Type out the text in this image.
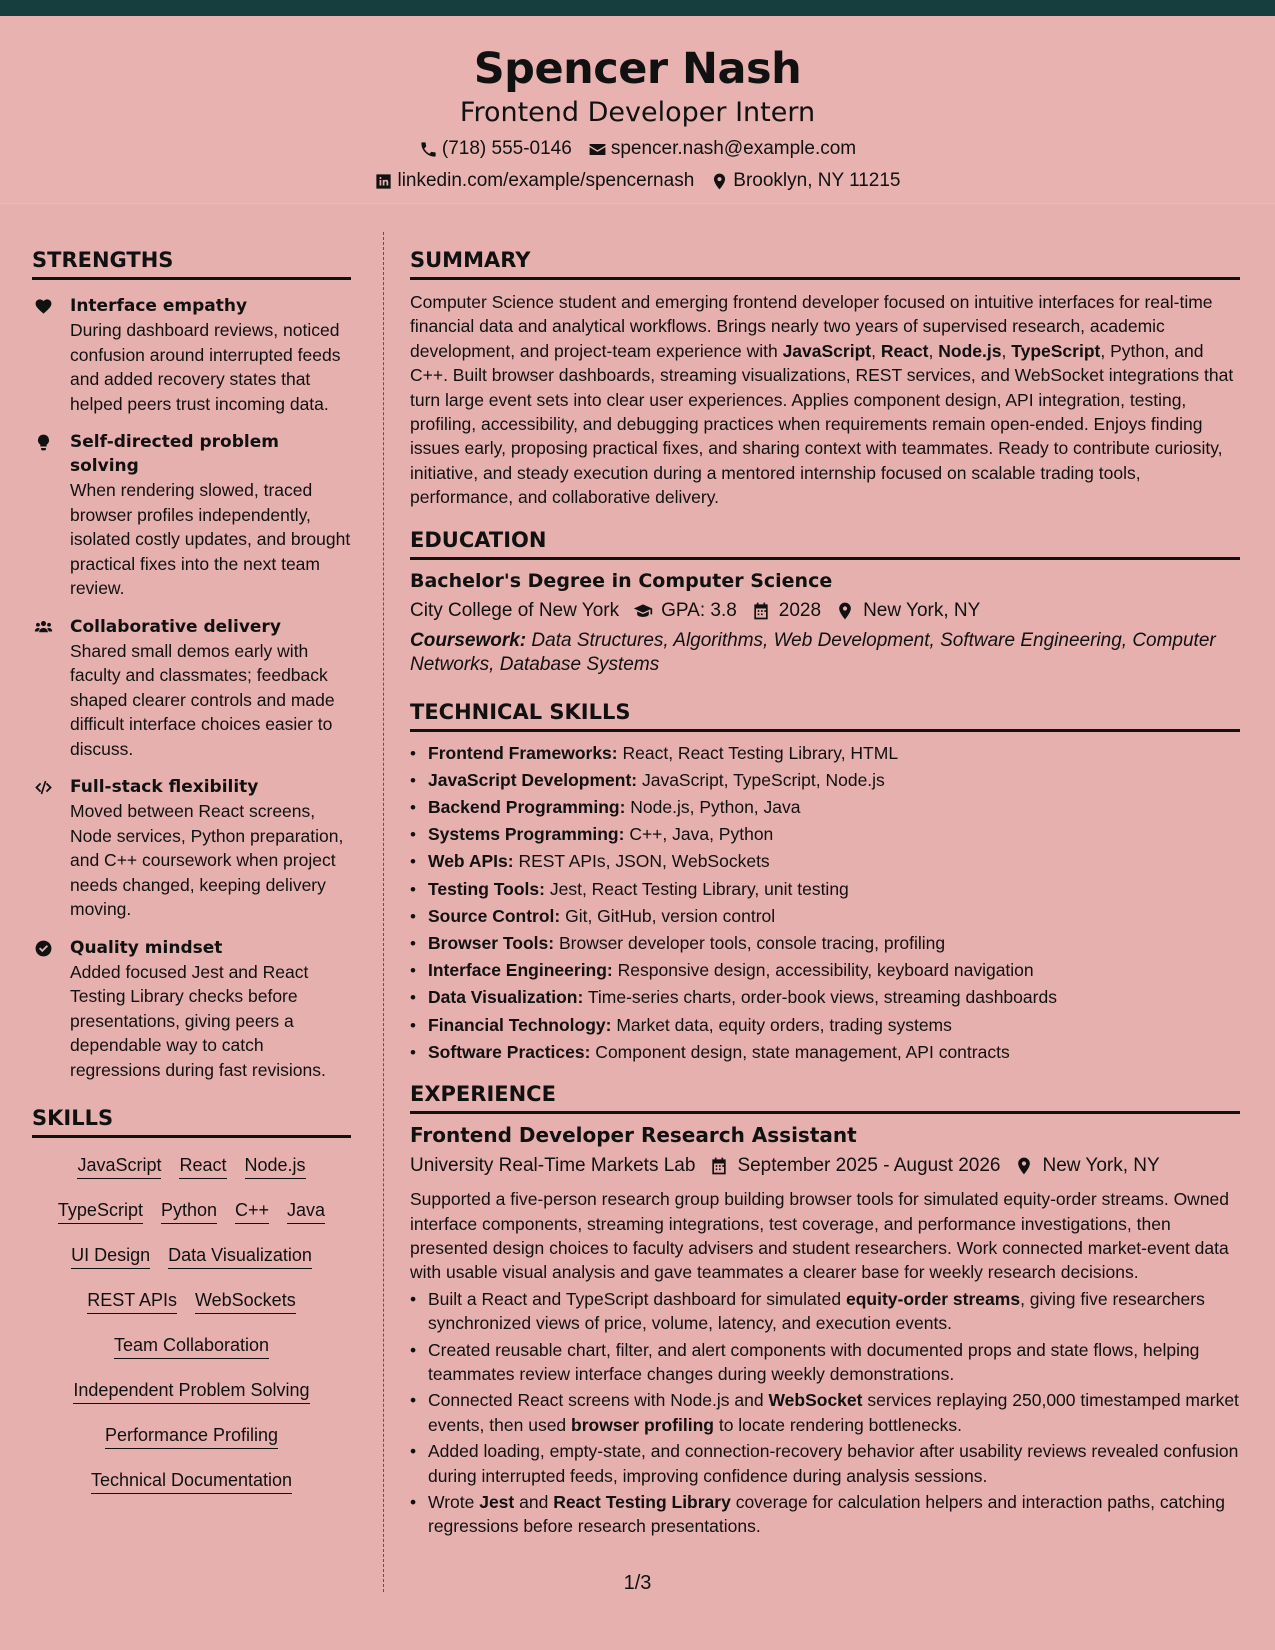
Spencer Nash
Frontend Developer Intern
(718) 555-0146 spencer.nash@example.com
linkedin.com/example/spencernash Brooklyn, NY 11215
STRENGTHS
Interface empathy
During dashboard reviews, noticed confusion around interrupted feeds and added recovery states that helped peers trust incoming data.
Self-directed problem solving
When rendering slowed, traced browser profiles independently, isolated costly updates, and brought practical fixes into the next team review.
Collaborative delivery
Shared small demos early with faculty and classmates; feedback shaped clearer controls and made difficult interface choices easier to discuss.
Full-stack flexibility
Moved between React screens, Node services, Python preparation, and C++ coursework when project needs changed, keeping delivery moving.
Quality mindset
Added focused Jest and React Testing Library checks before presentations, giving peers a dependable way to catch regressions during fast revisions.
SKILLS
JavaScript React Node.js
TypeScript Python C++ Java
UI Design Data Visualization
REST APIs WebSockets
Team Collaboration
Independent Problem Solving
Performance Profiling
Technical Documentation
SUMMARY

Computer Science student and emerging frontend developer focused on intuitive interfaces for real-time financial data and analytical workflows. Brings nearly two years of supervised research, academic development, and project-team experience with JavaScript, React, Node.js, TypeScript, Python, and C++. Built browser dashboards, streaming visualizations, REST services, and WebSocket integrations that turn large event sets into clear user experiences. Applies component design, API integration, testing, profiling, accessibility, and debugging practices when requirements remain open-ended. Enjoys finding issues early, proposing practical fixes, and sharing context with teammates. Ready to contribute curiosity, initiative, and steady execution during a mentored internship focused on scalable trading tools, performance, and collaborative delivery.

EDUCATION
Bachelor's Degree in Computer Science
City College of New York GPA: 3.8 2028 New York, NY
Coursework: Data Structures, Algorithms, Web Development, Software Engineering, Computer Networks, Database Systems
TECHNICAL SKILLS
• Frontend Frameworks: React, React Testing Library, HTML
• JavaScript Development: JavaScript, TypeScript, Node.js
• Backend Programming: Node.js, Python, Java
• Systems Programming: C++, Java, Python
• Web APIs: REST APIs, JSON, WebSockets
• Testing Tools: Jest, React Testing Library, unit testing
• Source Control: Git, GitHub, version control
• Browser Tools: Browser developer tools, console tracing, profiling
• Interface Engineering: Responsive design, accessibility, keyboard navigation
• Data Visualization: Time-series charts, order-book views, streaming dashboards
• Financial Technology: Market data, equity orders, trading systems
• Software Practices: Component design, state management, API contracts
EXPERIENCE
Frontend Developer Research Assistant
University Real-Time Markets Lab September 2025 - August 2026 New York, NY

Supported a five-person research group building browser tools for simulated equity-order streams. Owned interface components, streaming integrations, test coverage, and performance investigations, then presented design choices to faculty advisers and student researchers. Work connected market-event data with usable visual analysis and gave teammates a clearer base for weekly research decisions.

• Built a React and TypeScript dashboard for simulated equity-order streams, giving five researchers synchronized views of price, volume, latency, and execution events.
• Created reusable chart, filter, and alert components with documented props and state flows, helping teammates review interface changes during weekly demonstrations.
• Connected React screens with Node.js and WebSocket services replaying 250,000 timestamped market events, then used browser profiling to locate rendering bottlenecks.
• Added loading, empty-state, and connection-recovery behavior after usability reviews revealed confusion during interrupted feeds, improving confidence during analysis sessions.
• Wrote Jest and React Testing Library coverage for calculation helpers and interaction paths, catching regressions before research presentations.
1/3
